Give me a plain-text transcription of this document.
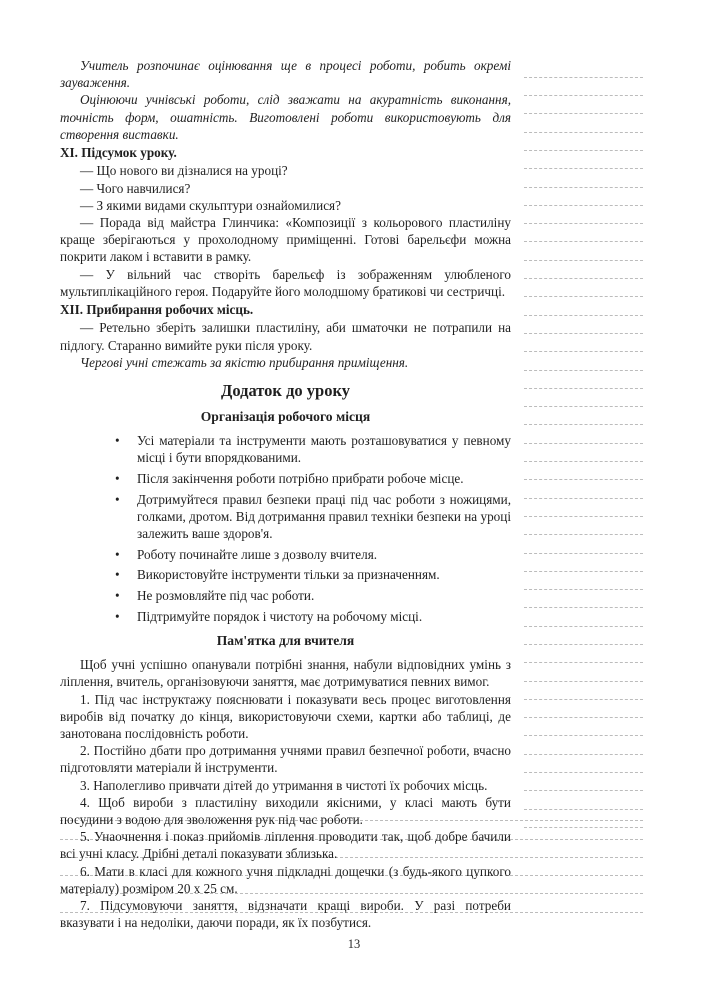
Учитель розпочинає оцінювання ще в процесі роботи, робить окремі зауваження.

Оцінюючи учнівські роботи, слід зважати на акуратність виконання, точність форм, ошатність. Виготовлені роботи використовують для створення виставки.

XI. Підсумок уроку.

— Що нового ви дізналися на уроці?

— Чого навчилися?

— З якими видами скульптури ознайомилися?

— Порада від майстра Глинчика: «Композиції з кольорового пластиліну краще зберігаються у прохолодному приміщенні. Готові барельєфи можна покрити лаком і вставити в рамку.

— У вільний час створіть барельєф із зображенням улюбленого мультиплікаційного героя. Подаруйте його молодшому братикові чи сестричці.

XII. Прибирання робочих місць.

— Ретельно зберіть залишки пластиліну, аби шматочки не потрапили на підлогу. Старанно вимийте руки після уроку.

Чергові учні стежать за якістю прибирання приміщення.

Додаток до уроку
Організація робочого місця
•	Усі матеріали та інструменти мають розташовуватися у певному місці і бути впорядкованими.
•	Після закінчення роботи потрібно прибрати робоче місце.
•	Дотримуйтеся правил безпеки праці під час роботи з ножицями, голками, дротом. Від дотримання правил техніки безпеки на уроці залежить ваше здоров'я.
•	Роботу починайте лише з дозволу вчителя.
•	Використовуйте інструменти тільки за призначенням.
•	Не розмовляйте під час роботи.
•	Підтримуйте порядок і чистоту на робочому місці.
Пам'ятка для вчителя

Щоб учні успішно опанували потрібні знання, набули відповідних умінь з ліплення, вчитель, організовуючи заняття, має дотримуватися певних вимог.

1. Під час інструктажу пояснювати і показувати весь процес виготовлення виробів від початку до кінця, використовуючи схеми, картки або таблиці, де занотована послідовність роботи.

2. Постійно дбати про дотримання учнями правил безпечної роботи, вчасно підготовляти матеріали й інструменти.

3. Наполегливо привчати дітей до утримання в чистоті їх робочих місць.

4. Щоб вироби з пластиліну виходили якісними, у класі мають бути посудини з водою для зволоження рук під час роботи.

5. Унаочнення і показ прийомів ліплення проводити так, щоб добре бачили всі учні класу. Дрібні деталі показувати зблизька.

6. Мати в класі для кожного учня підкладні дощечки (з будь-якого цупкого матеріалу) розміром 20 х 25 см.

7. Підсумовуючи заняття, відзначати кращі вироби. У разі потреби вказувати і на недоліки, даючи поради, як їх позбутися.

13
